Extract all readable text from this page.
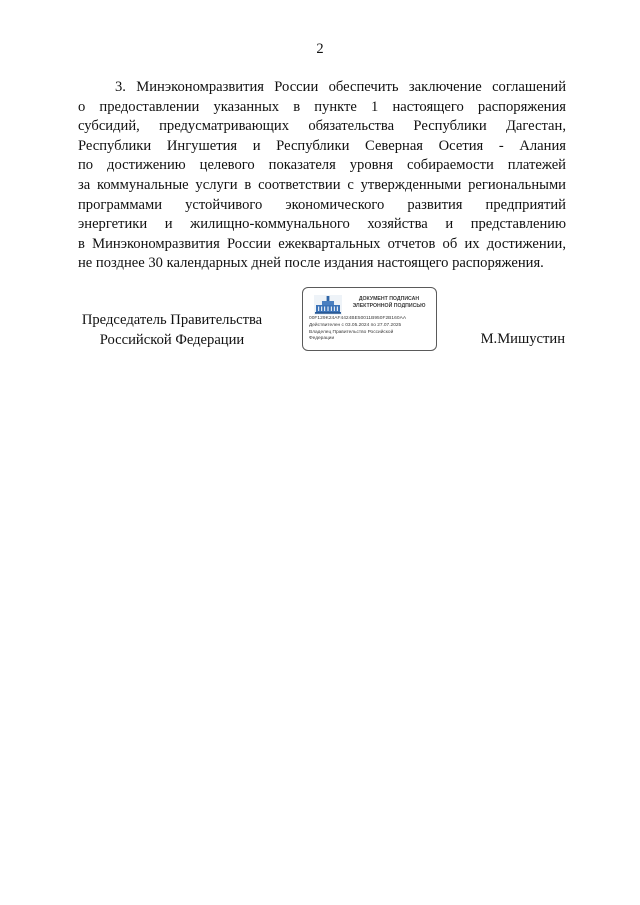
2
3. Минэкономразвития России обеспечить заключение соглашений
о предоставлении указанных в пункте 1 настоящего распоряжения
субсидий, предусматривающих обязательства Республики Дагестан,
Республики Ингушетия и Республики Северная Осетия - Алания
по достижению целевого показателя уровня собираемости платежей
за коммунальные услуги в соответствии с утвержденными региональными
программами устойчивого экономического развития предприятий
энергетики и жилищно-коммунального хозяйства и представлению
в Минэкономразвития России ежеквартальных отчетов об их достижении,
не позднее 30 календарных дней после издания настоящего распоряжения.
Председатель Правительства
Российской Федерации
ДОКУМЕНТ ПОДПИСАН
ЭЛЕКТРОННОЙ ПОДПИСЬЮ
00F129K24AF4424BE50011B950F2B160AA
Действителен с 03.05.2024 по 27.07.2025
Владелец Правительство Российской Федерации	М.Мишустин
